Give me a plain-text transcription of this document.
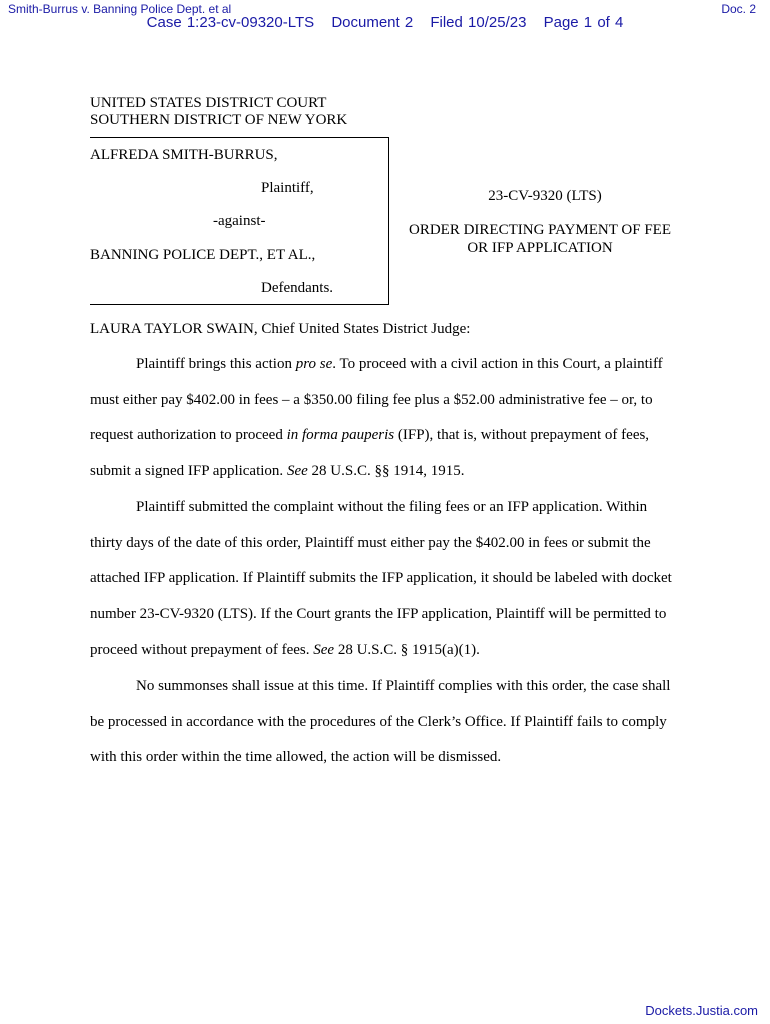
Smith-Burrus v. Banning Police Dept. et al	Doc. 2
Case 1:23-cv-09320-LTS Document 2 Filed 10/25/23 Page 1 of 4
UNITED STATES DISTRICT COURT
SOUTHERN DISTRICT OF NEW YORK
ALFREDA SMITH-BURRUS,
Plaintiff,
-against-
BANNING POLICE DEPT., ET AL.,
Defendants.
23-CV-9320 (LTS)
ORDER DIRECTING PAYMENT OF FEE
OR IFP APPLICATION
LAURA TAYLOR SWAIN, Chief United States District Judge:
Plaintiff brings this action pro se. To proceed with a civil action in this Court, a plaintiff
must either pay $402.00 in fees – a $350.00 filing fee plus a $52.00 administrative fee – or, to
request authorization to proceed in forma pauperis (IFP), that is, without prepayment of fees,
submit a signed IFP application. See 28 U.S.C. §§ 1914, 1915.
Plaintiff submitted the complaint without the filing fees or an IFP application. Within
thirty days of the date of this order, Plaintiff must either pay the $402.00 in fees or submit the
attached IFP application. If Plaintiff submits the IFP application, it should be labeled with docket
number 23-CV-9320 (LTS). If the Court grants the IFP application, Plaintiff will be permitted to
proceed without prepayment of fees. See 28 U.S.C. § 1915(a)(1).
No summonses shall issue at this time. If Plaintiff complies with this order, the case shall
be processed in accordance with the procedures of the Clerk’s Office. If Plaintiff fails to comply
with this order within the time allowed, the action will be dismissed.
Dockets.Justia.com
